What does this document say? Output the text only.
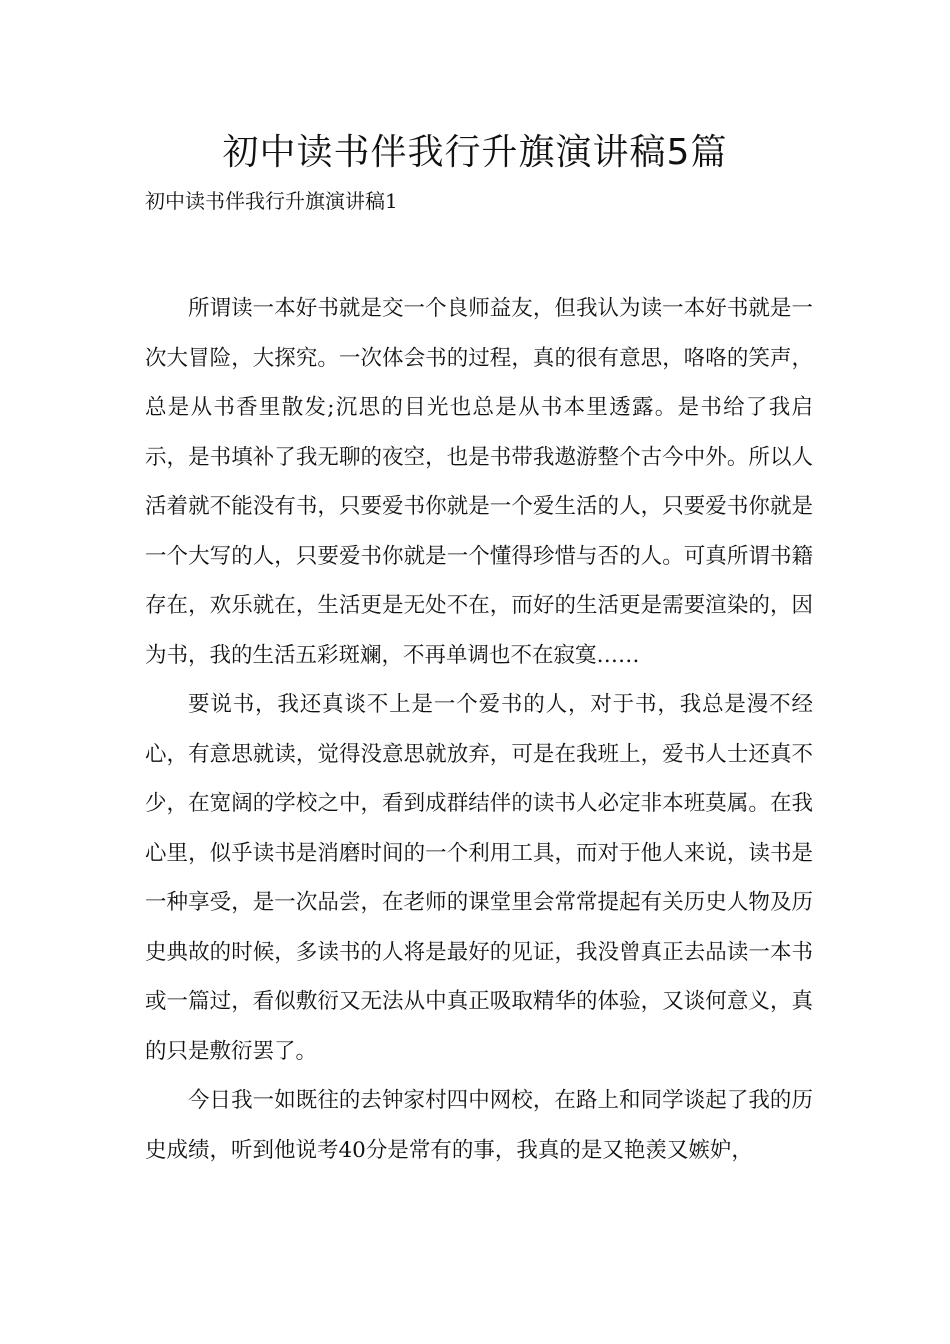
初中读书伴我行升旗演讲稿5篇
初中读书伴我行升旗演讲稿1

所谓读一本好书就是交一个良师益友，但我认为读一本好书就是一次大冒险，大探究。一次体会书的过程，真的很有意思，咯咯的笑声，总是从书香里散发;沉思的目光也总是从书本里透露。是书给了我启示，是书填补了我无聊的夜空，也是书带我遨游整个古今中外。所以人活着就不能没有书，只要爱书你就是一个爱生活的人，只要爱书你就是一个大写的人，只要爱书你就是一个懂得珍惜与否的人。可真所谓书籍存在，欢乐就在，生活更是无处不在，而好的生活更是需要渲染的，因为书，我的生活五彩斑斓，不再单调也不在寂寞……

要说书，我还真谈不上是一个爱书的人，对于书，我总是漫不经心，有意思就读，觉得没意思就放弃，可是在我班上，爱书人士还真不少，在宽阔的学校之中，看到成群结伴的读书人必定非本班莫属。在我心里，似乎读书是消磨时间的一个利用工具，而对于他人来说，读书是一种享受，是一次品尝，在老师的课堂里会常常提起有关历史人物及历史典故的时候，多读书的人将是最好的见证，我没曾真正去品读一本书或一篇过，看似敷衍又无法从中真正吸取精华的体验，又谈何意义，真的只是敷衍罢了。

今日我一如既往的去钟家村四中网校，在路上和同学谈起了我的历史成绩，听到他说考40分是常有的事，我真的是又艳羡又嫉妒，
